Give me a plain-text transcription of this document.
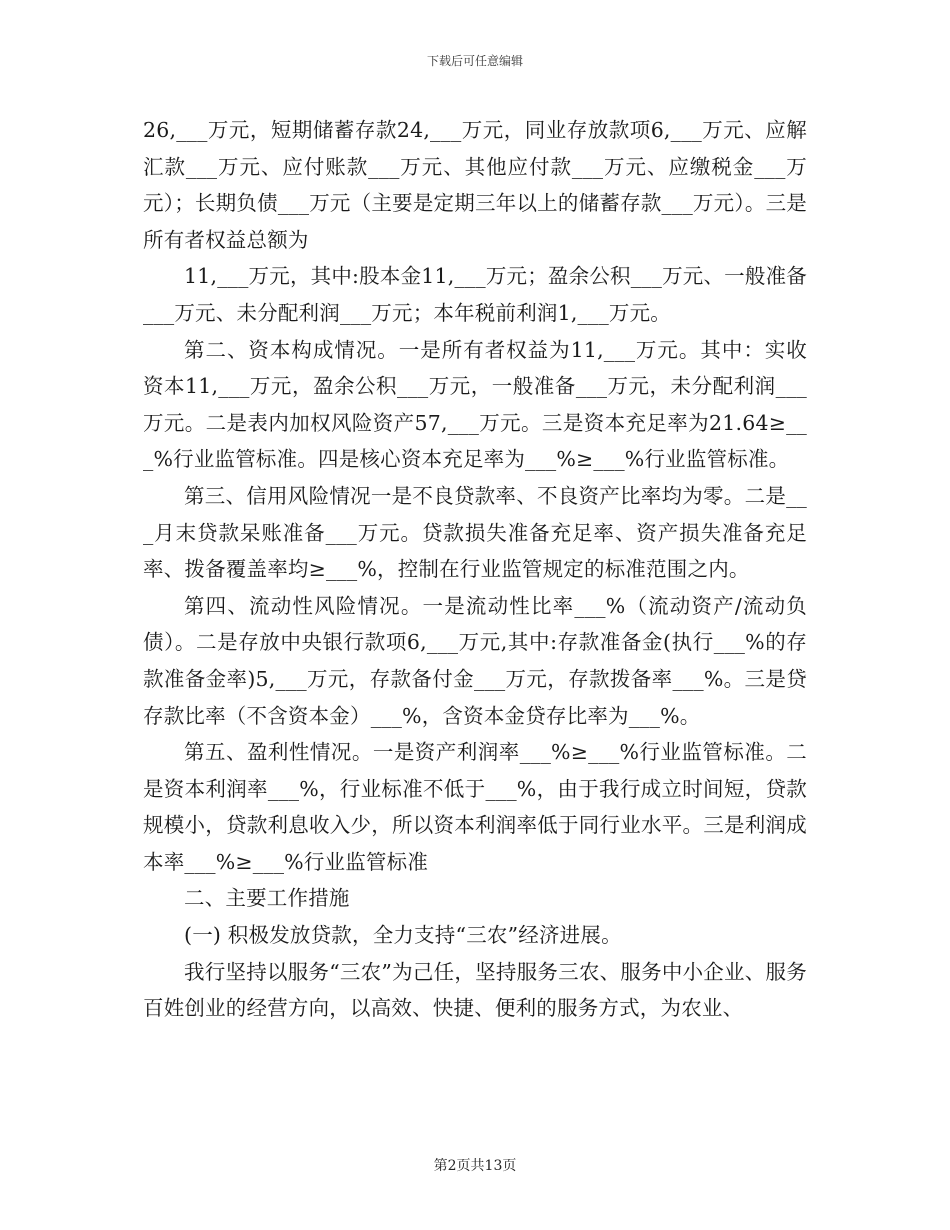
下载后可任意编辑

26,___万元，短期储蓄存款24,___万元，同业存放款项6,___万元、应解汇款___万元、应付账款___万元、其他应付款___万元、应缴税金___万元）；长期负债___万元（主要是定期三年以上的储蓄存款___万元）。三是所有者权益总额为

11,___万元，其中:股本金11,___万元；盈余公积___万元、一般准备___万元、未分配利润___万元；本年税前利润1,___万元。

第二、资本构成情况。一是所有者权益为11,___万元。其中：实收资本11,___万元，盈余公积___万元，一般准备___万元，未分配利润___万元。二是表内加权风险资产57,___万元。三是资本充足率为21.64≥___%行业监管标准。四是核心资本充足率为___%≥___%行业监管标准。

第三、信用风险情况一是不良贷款率、不良资产比率均为零。二是___月末贷款呆账准备___万元。贷款损失准备充足率、资产损失准备充足率、拨备覆盖率均≥___%，控制在行业监管规定的标准范围之内。

第四、流动性风险情况。一是流动性比率___%（流动资产/流动负债）。二是存放中央银行款项6,___万元,其中:存款准备金(执行___%的存款准备金率)5,___万元，存款备付金___万元，存款拨备率___%。三是贷存款比率（不含资本金）___%，含资本金贷存比率为___%。

第五、盈利性情况。一是资产利润率___%≥___%行业监管标准。二是资本利润率___%，行业标准不低于___%，由于我行成立时间短，贷款规模小，贷款利息收入少，所以资本利润率低于同行业水平。三是利润成本率___%≥___%行业监管标准

二、主要工作措施

(一) 积极发放贷款，全力支持“三农”经济进展。

我行坚持以服务“三农”为己任，坚持服务三农、服务中小企业、服务百姓创业的经营方向，以高效、快捷、便利的服务方式，为农业、

第2页共13页
